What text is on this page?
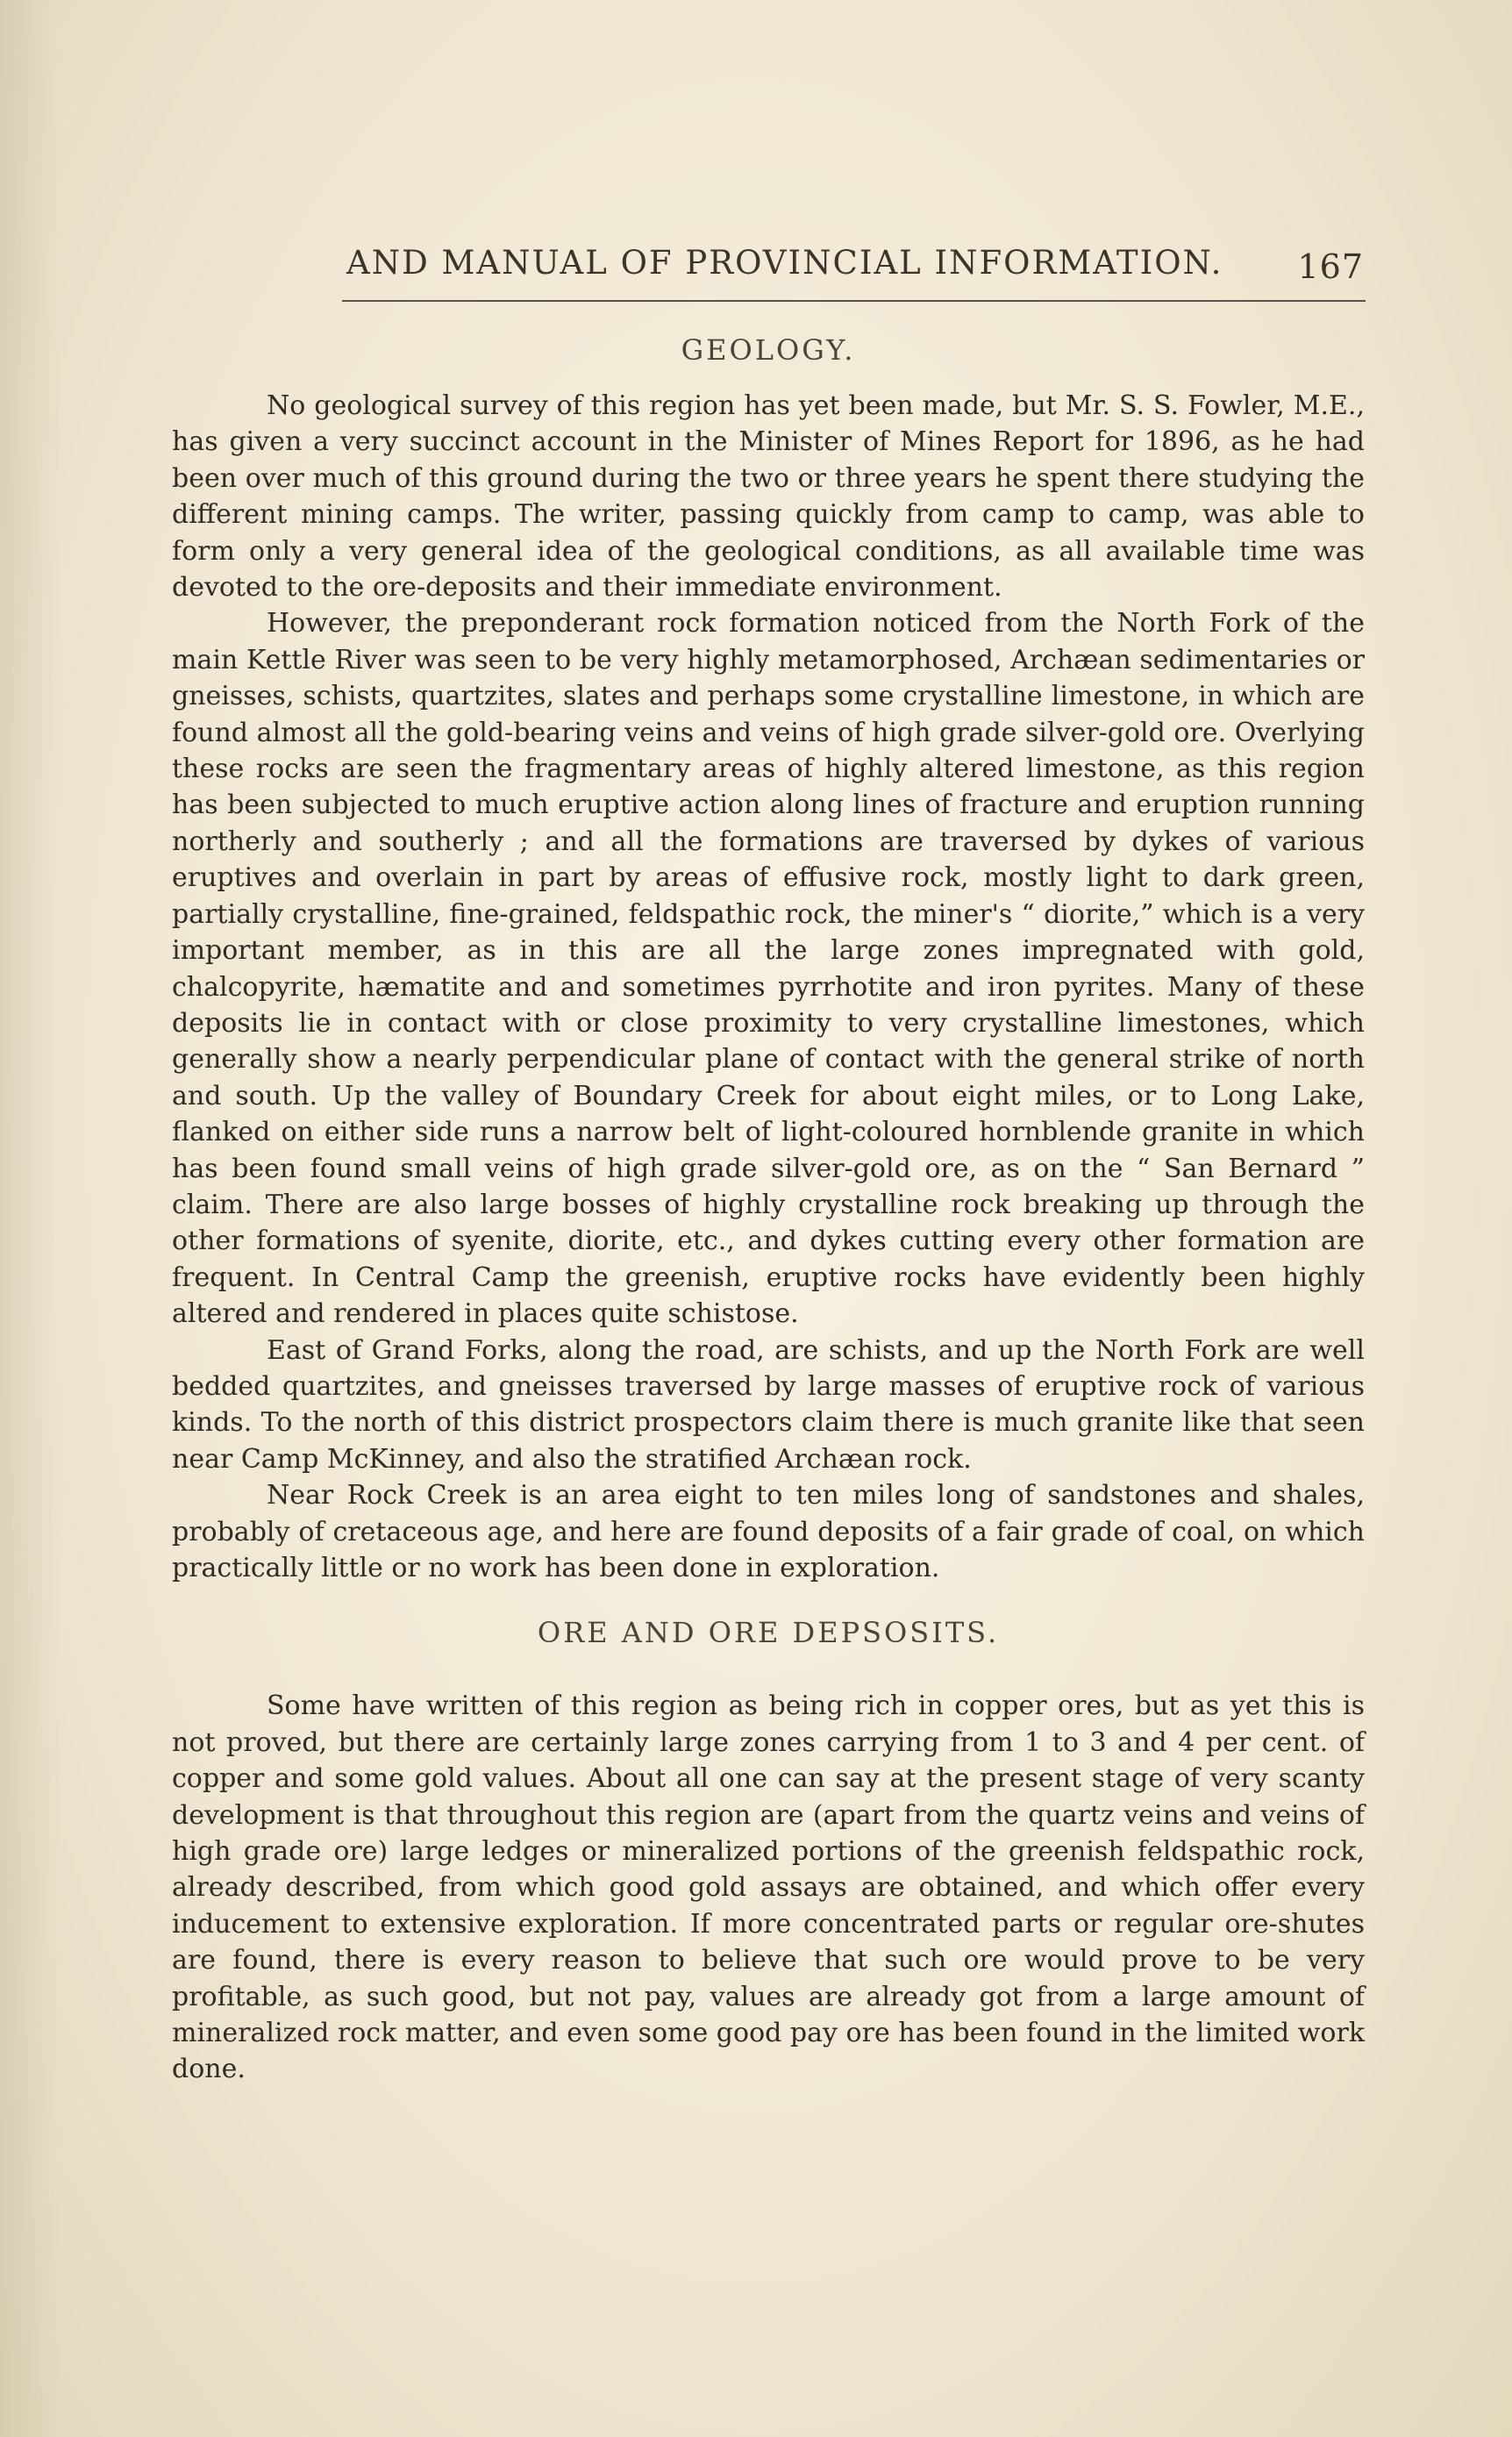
AND MANUAL OF PROVINCIAL INFORMATION. 167
GEOLOGY.

No geological survey of this region has yet been made, but Mr. S. S. Fowler, M.E., has given a very succinct account in the Minister of Mines Report for 1896, as he had been over much of this ground during the two or three years he spent there studying the different mining camps. The writer, passing quickly from camp to camp, was able to form only a very general idea of the geological conditions, as all available time was devoted to the ore-deposits and their immediate environment.

However, the preponderant rock formation noticed from the North Fork of the main Kettle River was seen to be very highly metamorphosed, Archæan sedimentaries or gneisses, schists, quartzites, slates and perhaps some crystalline limestone, in which are found almost all the gold-bearing veins and veins of high grade silver-gold ore. Overlying these rocks are seen the fragmentary areas of highly altered limestone, as this region has been subjected to much eruptive action along lines of fracture and eruption running northerly and southerly ; and all the formations are traversed by dykes of various eruptives and overlain in part by areas of effusive rock, mostly light to dark green, partially crystalline, fine-grained, feldspathic rock, the miner's “ diorite,” which is a very important member, as in this are all the large zones impregnated with gold, chalcopyrite, hæmatite and and sometimes pyrrhotite and iron pyrites. Many of these deposits lie in contact with or close proximity to very crystalline limestones, which generally show a nearly perpendicular plane of contact with the general strike of north and south. Up the valley of Boundary Creek for about eight miles, or to Long Lake, flanked on either side runs a narrow belt of light-coloured hornblende granite in which has been found small veins of high grade silver-gold ore, as on the “ San Bernard ” claim. There are also large bosses of highly crystalline rock breaking up through the other formations of syenite, diorite, etc., and dykes cutting every other formation are frequent. In Central Camp the greenish, eruptive rocks have evidently been highly altered and rendered in places quite schistose.

East of Grand Forks, along the road, are schists, and up the North Fork are well bedded quartzites, and gneisses traversed by large masses of eruptive rock of various kinds. To the north of this district prospectors claim there is much granite like that seen near Camp McKinney, and also the stratified Archæan rock.

Near Rock Creek is an area eight to ten miles long of sandstones and shales, probably of cretaceous age, and here are found deposits of a fair grade of coal, on which practically little or no work has been done in exploration.

ORE AND ORE DEPSOSITS.

Some have written of this region as being rich in copper ores, but as yet this is not proved, but there are certainly large zones carrying from 1 to 3 and 4 per cent. of copper and some gold values. About all one can say at the present stage of very scanty development is that throughout this region are (apart from the quartz veins and veins of high grade ore) large ledges or mineralized portions of the greenish feldspathic rock, already described, from which good gold assays are obtained, and which offer every inducement to extensive exploration. If more concentrated parts or regular ore-shutes are found, there is every reason to believe that such ore would prove to be very profitable, as such good, but not pay, values are already got from a large amount of mineralized rock matter, and even some good pay ore has been found in the limited work done.
